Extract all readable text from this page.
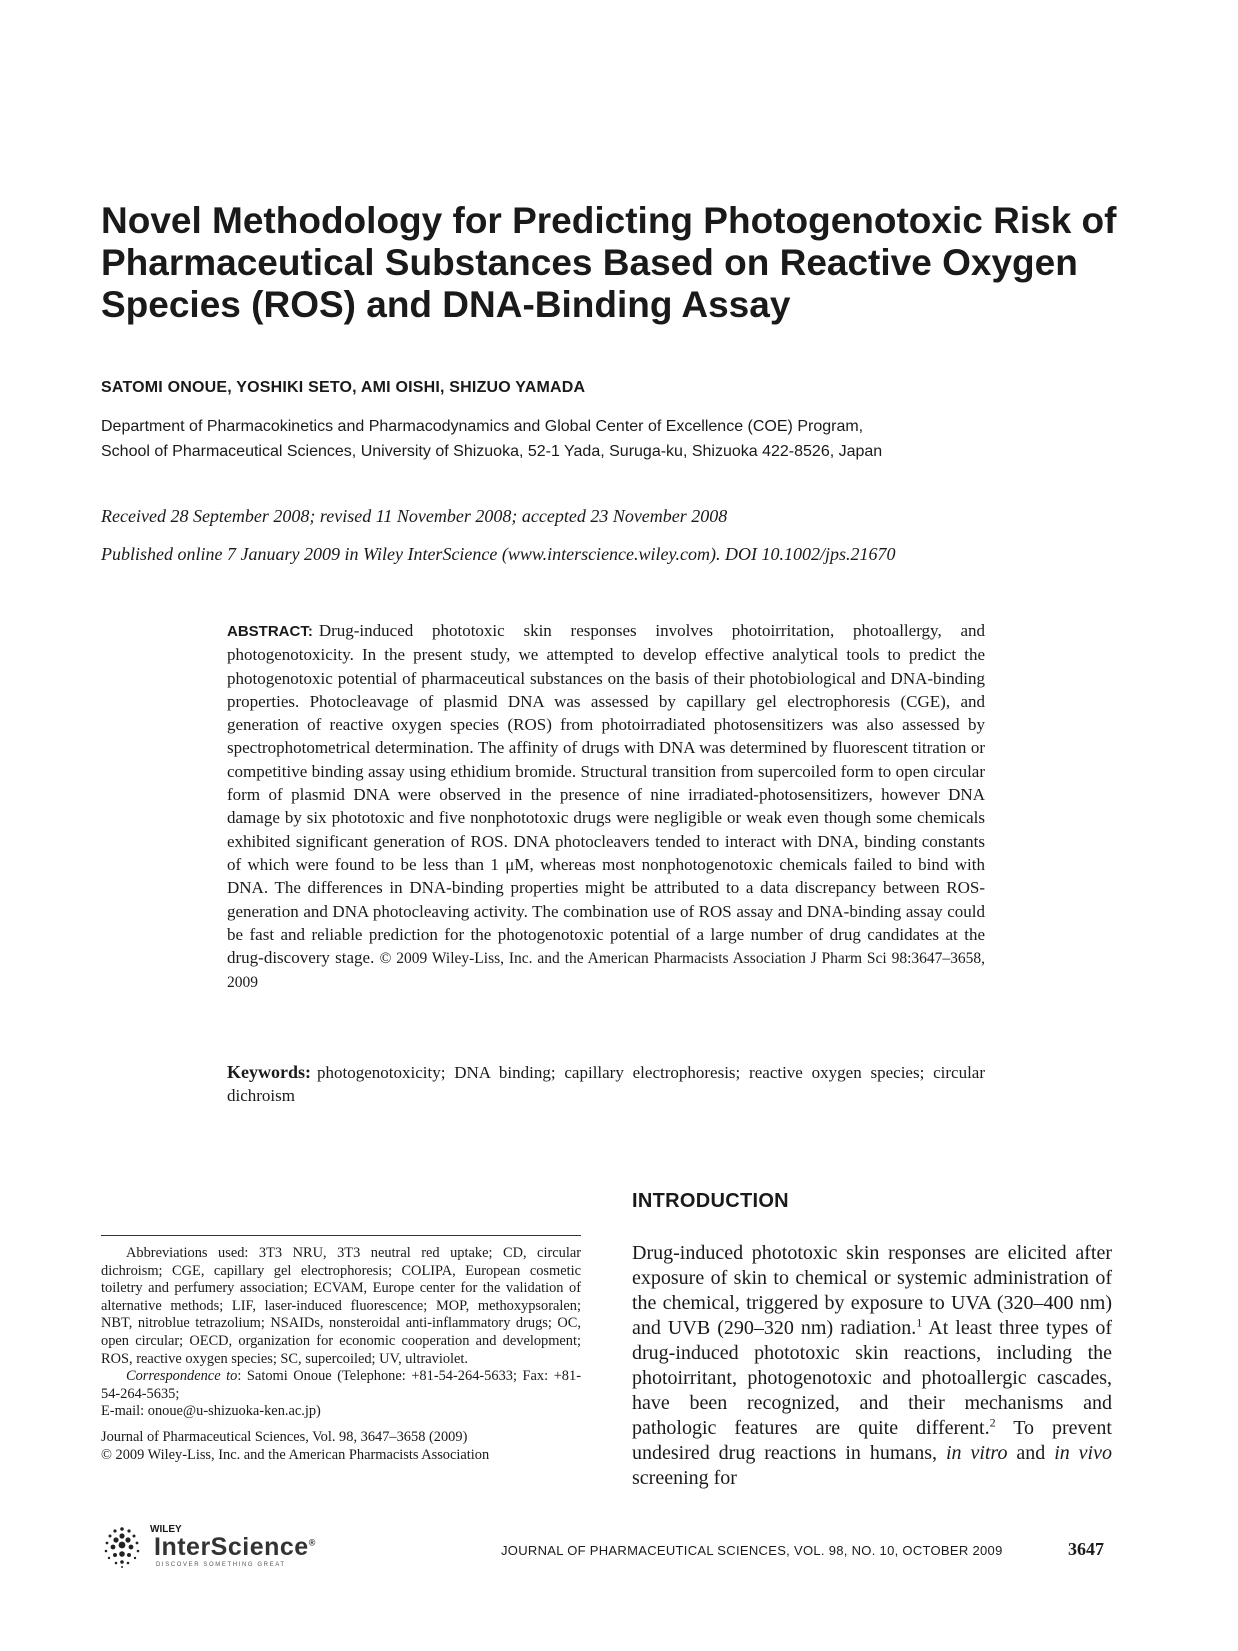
Novel Methodology for Predicting Photogenotoxic Risk of
Pharmaceutical Substances Based on Reactive Oxygen
Species (ROS) and DNA-Binding Assay
SATOMI ONOUE, YOSHIKI SETO, AMI OISHI, SHIZUO YAMADA
Department of Pharmacokinetics and Pharmacodynamics and Global Center of Excellence (COE) Program,
School of Pharmaceutical Sciences, University of Shizuoka, 52-1 Yada, Suruga-ku, Shizuoka 422-8526, Japan
Received 28 September 2008; revised 11 November 2008; accepted 23 November 2008
Published online 7 January 2009 in Wiley InterScience (www.interscience.wiley.com). DOI 10.1002/jps.21670
ABSTRACT: Drug-induced phototoxic skin responses involves photoirritation, photoallergy, and photogenotoxicity. In the present study, we attempted to develop effective analytical tools to predict the photogenotoxic potential of pharmaceutical substances on the basis of their photobiological and DNA-binding properties. Photocleavage of plasmid DNA was assessed by capillary gel electrophoresis (CGE), and generation of reactive oxygen species (ROS) from photoirradiated photosensitizers was also assessed by spectrophotometrical determination. The affinity of drugs with DNA was determined by fluorescent titration or competitive binding assay using ethidium bromide. Structural transition from supercoiled form to open circular form of plasmid DNA were observed in the presence of nine irradiated-photosensitizers, however DNA damage by six phototoxic and five nonphototoxic drugs were negligible or weak even though some chemicals exhibited significant generation of ROS. DNA photocleavers tended to interact with DNA, binding constants of which were found to be less than 1 μM, whereas most nonphotogenotoxic chemicals failed to bind with DNA. The differences in DNA-binding properties might be attributed to a data discrepancy between ROS-generation and DNA photocleaving activity. The combination use of ROS assay and DNA-binding assay could be fast and reliable prediction for the photogenotoxic potential of a large number of drug candidates at the drug-discovery stage. © 2009 Wiley-Liss, Inc. and the American Pharmacists Association J Pharm Sci 98:3647–3658, 2009
Keywords: photogenotoxicity; DNA binding; capillary electrophoresis; reactive oxygen species; circular dichroism
INTRODUCTION
Drug-induced phototoxic skin responses are elicited after exposure of skin to chemical or systemic administration of the chemical, triggered by exposure to UVA (320–400 nm) and UVB (290–320 nm) radiation.$^1$ At least three types of drug-induced phototoxic skin reactions, including the photoirritant, photogenotoxic and photoallergic cascades, have been recognized, and their mechanisms and pathologic features are quite different.$^2$ To prevent undesired drug reactions in humans, in vitro and in vivo screening for

Abbreviations used: 3T3 NRU, 3T3 neutral red uptake; CD, circular dichroism; CGE, capillary gel electrophoresis; COLIPA, European cosmetic toiletry and perfumery association; ECVAM, Europe center for the validation of alternative methods; LIF, laser-induced fluorescence; MOP, methoxypsoralen; NBT, nitroblue tetrazolium; NSAIDs, nonsteroidal anti-inflammatory drugs; OC, open circular; OECD, organization for economic cooperation and development; ROS, reactive oxygen species; SC, supercoiled; UV, ultraviolet.

Correspondence to: Satomi Onoue (Telephone: +81-54-264-5633; Fax: +81-54-264-5635;

E-mail: onoue@u-shizuoka-ken.ac.jp)

Journal of Pharmaceutical Sciences, Vol. 98, 3647–3658 (2009)

© 2009 Wiley-Liss, Inc. and the American Pharmacists Association

WILEY
InterScience®
DISCOVER SOMETHING GREAT
JOURNAL OF PHARMACEUTICAL SCIENCES, VOL. 98, NO. 10, OCTOBER 2009	3647
